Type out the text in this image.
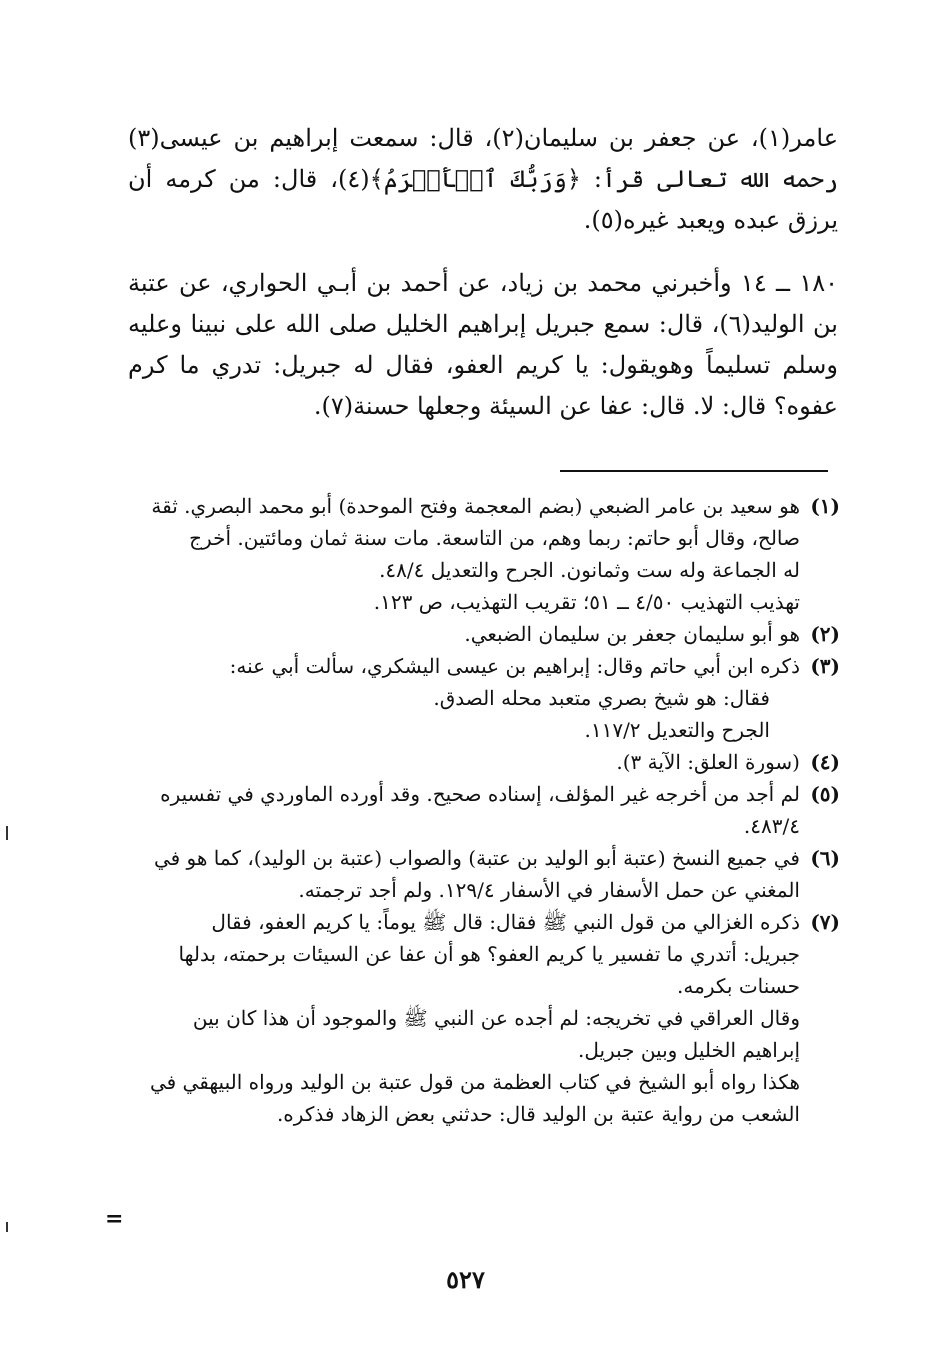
عامر(١)، عن جعفر بن سليمان(٢)، قال: سمعت إبراهيم بن عيسى(٣) رحمه الله تعالى قرأ: ﴿وَرَبُّكَ ٱلۡأَكۡرَمُ﴾(٤)، قال: من كرمه أن يرزق عبده ويعبد غيره(٥).

١٨٠ ــ ١٤ وأخبرني محمد بن زياد، عن أحمد بن أبـي الحواري، عن عتبة بن الوليد(٦)، قال: سمع جبريل إبراهيم الخليل صلى الله على نبينا وعليه وسلم تسليماً وهويقول: يا كريم العفو، فقال له جبريل: تدري ما كرم عفوه؟ قال: لا. قال: عفا عن السيئة وجعلها حسنة(٧).

(١)
هو سعيد بن عامر الضبعي (بضم المعجمة وفتح الموحدة) أبو محمد البصري. ثقة
صالح، وقال أبو حاتم: ربما وهم، من التاسعة. مات سنة ثمان ومائتين. أخرج
له الجماعة وله ست وثمانون. الجرح والتعديل ٤٨/٤.
تهذيب التهذيب ٤/٥٠ ــ ٥١؛ تقريب التهذيب، ص ١٢٣.
(٢)
هو أبو سليمان جعفر بن سليمان الضبعي.
(٣)
ذكره ابن أبي حاتم وقال: إبراهيم بن عيسى اليشكري، سألت أبي عنه:
فقال: هو شيخ بصري متعبد محله الصدق.
الجرح والتعديل ١١٧/٢.
(٤)
(سورة العلق: الآية ٣).
(٥)
لم أجد من أخرجه غير المؤلف، إسناده صحيح. وقد أورده الماوردي في تفسيره
٤٨٣/٤.
(٦)
في جميع النسخ (عتبة أبو الوليد بن عتبة) والصواب (عتبة بن الوليد)، كما هو في
المغني عن حمل الأسفار في الأسفار ١٢٩/٤. ولم أجد ترجمته.
(٧)
ذكره الغزالي من قول النبي ﷺ فقال: قال ﷺ يوماً: يا كريم العفو، فقال
جبريل: أتدري ما تفسير يا كريم العفو؟ هو أن عفا عن السيئات برحمته، بدلها
حسنات بكرمه.
وقال العراقي في تخريجه: لم أجده عن النبي ﷺ والموجود أن هذا كان بين
إبراهيم الخليل وبين جبريل.
هكذا رواه أبو الشيخ في كتاب العظمة من قول عتبة بن الوليد ورواه البيهقي في
الشعب من رواية عتبة بن الوليد قال: حدثني بعض الزهاد فذكره.
=
٥٢٧
